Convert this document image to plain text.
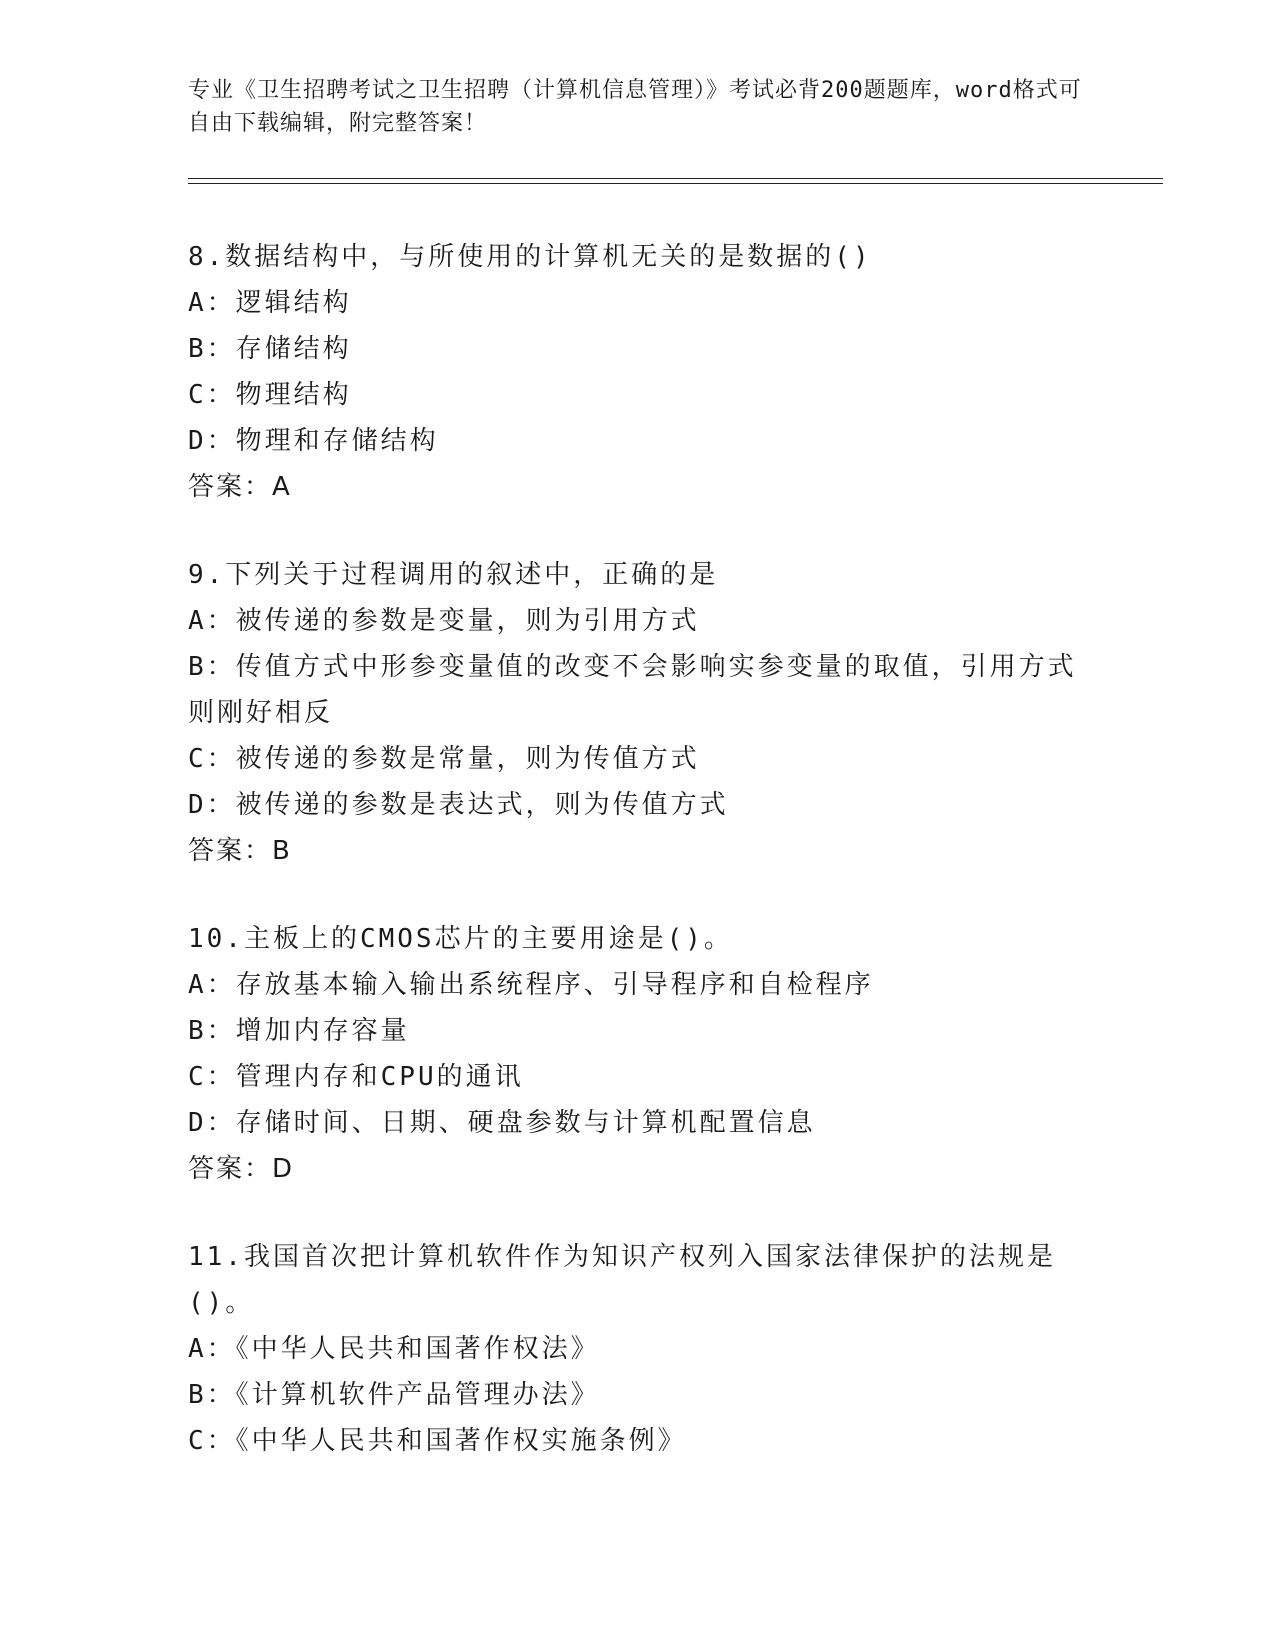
专业《卫生招聘考试之卫生招聘（计算机信息管理）》考试必背200题题库，word格式可自由下载编辑，附完整答案！

8.数据结构中，与所使用的计算机无关的是数据的()

A：逻辑结构

B：存储结构

C：物理结构

D：物理和存储结构

答案：A

9.下列关于过程调用的叙述中，正确的是

A：被传递的参数是变量，则为引用方式

B：传值方式中形参变量值的改变不会影响实参变量的取值，引用方式则刚好相反

C：被传递的参数是常量，则为传值方式

D：被传递的参数是表达式，则为传值方式

答案：B

10.主板上的CMOS芯片的主要用途是()。

A：存放基本输入输出系统程序、引导程序和自检程序

B：增加内存容量

C：管理内存和CPU的通讯

D：存储时间、日期、硬盘参数与计算机配置信息

答案：D

11.我国首次把计算机软件作为知识产权列入国家法律保护的法规是()。

A：《中华人民共和国著作权法》

B：《计算机软件产品管理办法》

C：《中华人民共和国著作权实施条例》
